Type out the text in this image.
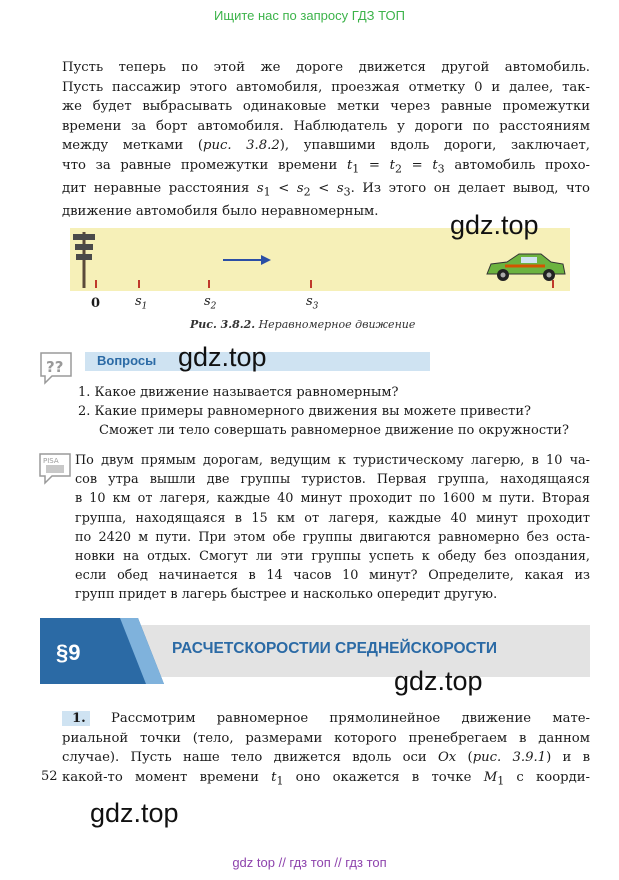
Ищите нас по запросу ГДЗ ТОП
Пусть теперь по этой же дороге движется другой автомобиль.
Пусть пассажир этого автомобиля, проезжая отметку 0 и далее, так-
же будет выбрасывать одинаковые метки через равные промежутки
времени за борт автомобиля. Наблюдатель у дороги по расстояниям
между метками (рис. 3.8.2), упавшими вдоль дороги, заключает,
что за равные промежутки времени $t_1 = t_2 = t_3$ автомобиль прохо-
дит неравные расстояния $s_1 < s_2 < s_3$. Из этого он делает вывод, что
движение автомобиля было неравномерным.	gdz.top
0	$s_1$	$s_2$	$s_3$
Рис. 3.8.2. Неравномерное движение
??	Вопросы gdz.top
1. Какое движение называется равномерным?
2. Какие примеры равномерного движения вы можете привести?
Сможет ли тело совершать равномерное движение по окружности?
PISA По двум прямым дорогам, ведущим к туристическому лагерю, в 10 ча-
сов утра вышли две группы туристов. Первая группа, находящаяся
в 10 км от лагеря, каждые 40 минут проходит по 1600 м пути. Вторая
группа, находящаяся в 15 км от лагеря, каждые 40 минут проходит
по 2420 м пути. При этом обе группы двигаются равномерно без оста-
новки на отдых. Смогут ли эти группы успеть к обеду без опоздания,
если обед начинается в 14 часов 10 минут? Определите, какая из
групп придет в лагерь быстрее и насколько опередит другую.
§9	РАСЧЕТСКОРОСТИИ СРЕДНЕЙСКОРОСТИ
gdz.top
1. Рассмотрим равномерное прямолинейное движение мате-
риальной точки (тело, размерами которого пренебрегаем в данном
случае). Пусть наше тело движется вдоль оси Ox (рис. 3.9.1) и в
какой-то момент времени $t_1$ оно окажется в точке $M_1$ с коорди-
52
gdz.top
gdz top // гдз топ // гдз топ
